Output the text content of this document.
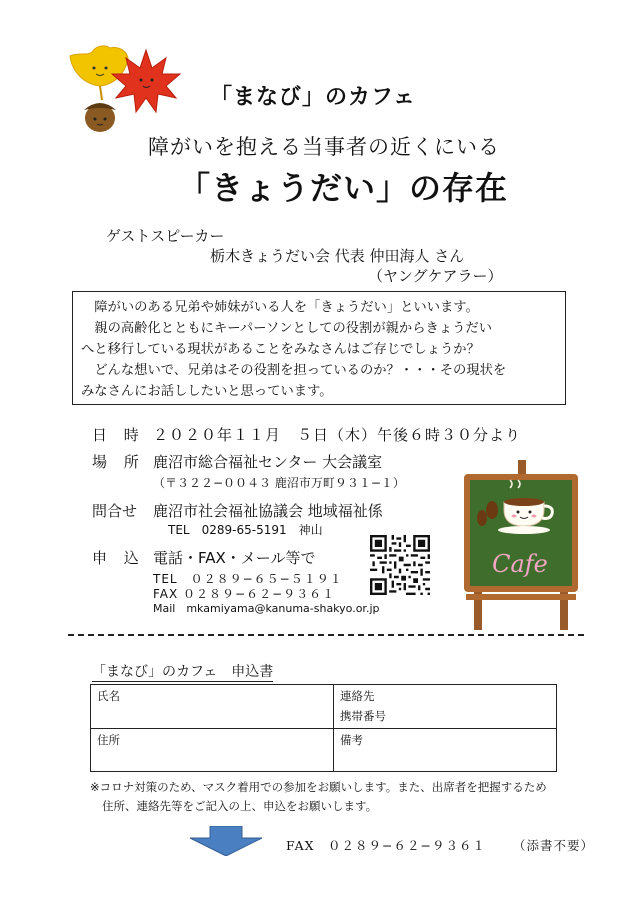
「まなび」のカフェ
障がいを抱える当事者の近くにいる
「きょうだい」の存在
ゲストスピーカー
栃木きょうだい会 代表 仲田海人 さん
（ヤングケアラー）

障がいのある兄弟や姉妹がいる人を「きょうだい」といいます。

親の高齢化とともにキーパーソンとしての役割が親からきょうだい

へと移行している現状があることをみなさんはご存じでしょうか？

どんな想いで、兄弟はその役割を担っているのか？・・・その現状を

みなさんにお話ししたいと思っています。

日 時 ２０２０年１１月　５日（木）午後６時３０分より
場 所 鹿沼市総合福祉センター 大会議室
（〒３２２−００４３ 鹿沼市万町９３１−１）
問合せ 鹿沼市社会福祉協議会 地域福祉係
TEL　0289-65-5191　神山
申 込 電話・FAX・メール等で
TEL　０２８９−６５−５１９１
FAX ０２８９−６２−９３６１
Mail　mkamiyama@kanuma-shakyo.or.jp
Cafe
「まなび」のカフェ　申込書
氏名	連絡先
携帯番号

住所	備考
※コロナ対策のため、マスク着用での参加をお願いします。また、出席者を把握するため
住所、連絡先等をご記入の上、申込をお願いします。
FAX　０２８９−６２−９３６１ （添書不要）
